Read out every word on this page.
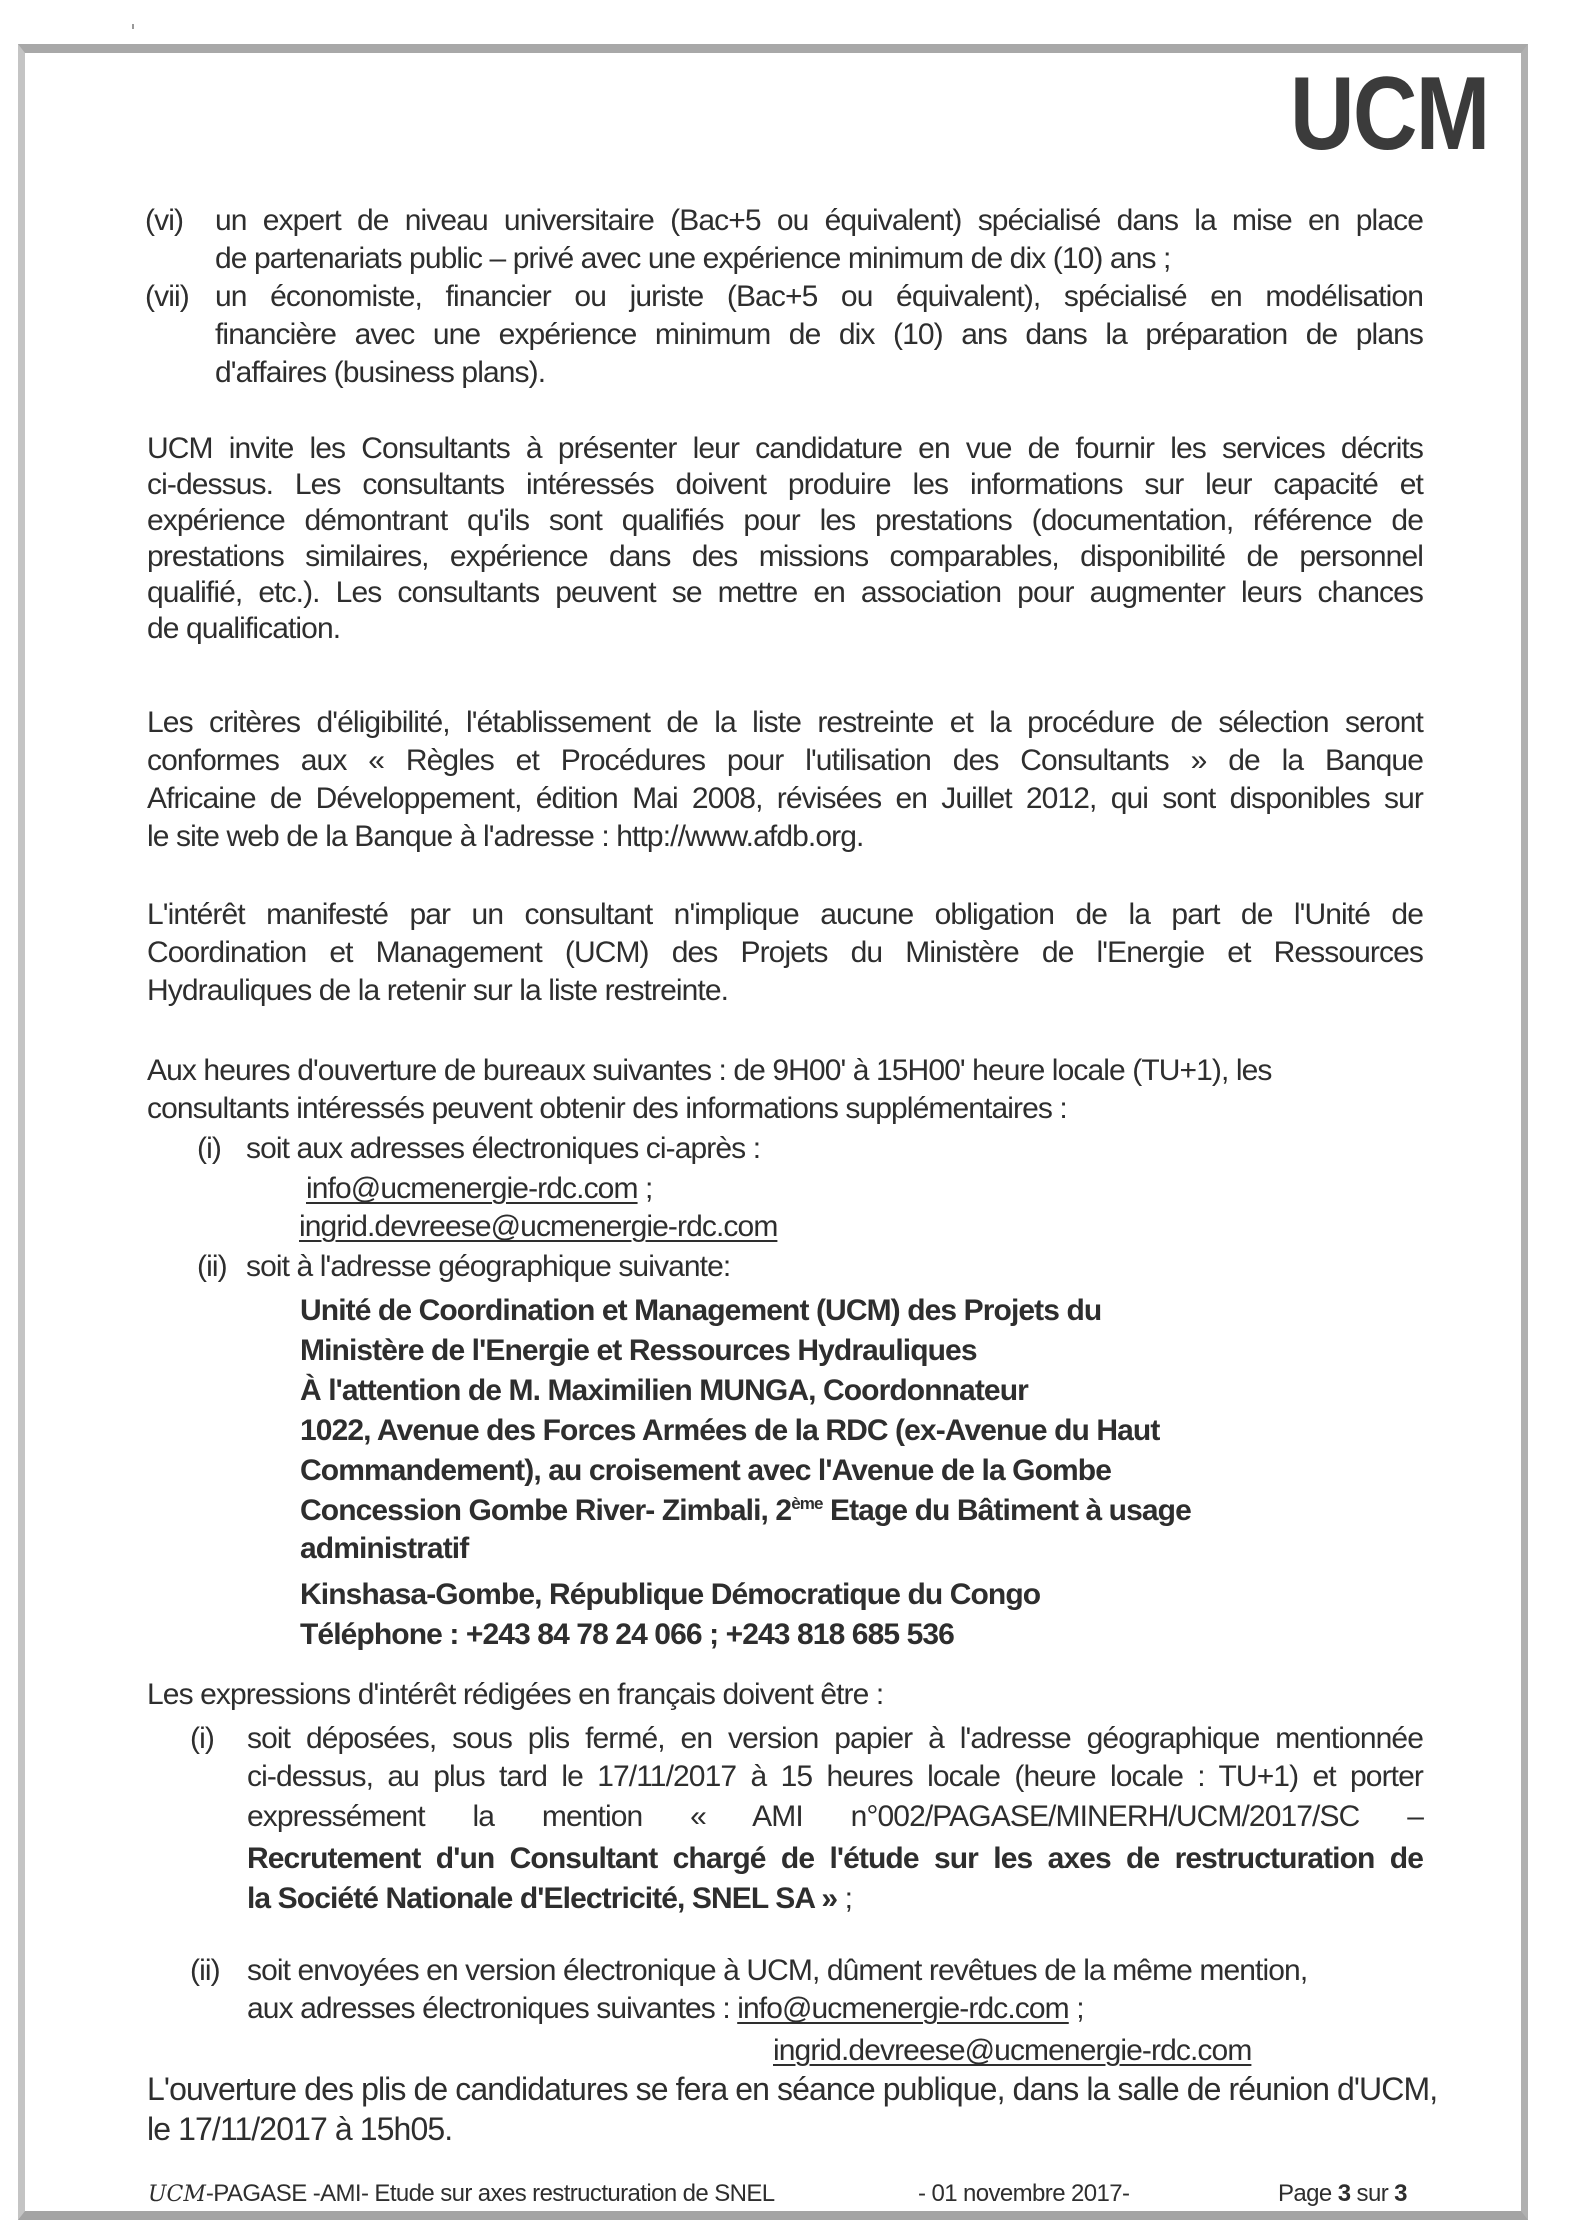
UCM
(vi) un expert de niveau universitaire (Bac+5 ou équivalent) spécialisé dans la mise en place
de partenariats public – privé avec une expérience minimum de dix (10) ans ;
(vii) un économiste, financier ou juriste (Bac+5 ou équivalent), spécialisé en modélisation
financière avec une expérience minimum de dix (10) ans dans la préparation de plans
d'affaires (business plans).
UCM invite les Consultants à présenter leur candidature en vue de fournir les services décrits
ci-dessus. Les consultants intéressés doivent produire les informations sur leur capacité et
expérience démontrant qu'ils sont qualifiés pour les prestations (documentation, référence de
prestations similaires, expérience dans des missions comparables, disponibilité de personnel
qualifié, etc.). Les consultants peuvent se mettre en association pour augmenter leurs chances
de qualification.
Les critères d'éligibilité, l'établissement de la liste restreinte et la procédure de sélection seront
conformes aux « Règles et Procédures pour l'utilisation des Consultants » de la Banque
Africaine de Développement, édition Mai 2008, révisées en Juillet 2012, qui sont disponibles sur
le site web de la Banque à l'adresse : http://www.afdb.org.
L'intérêt manifesté par un consultant n'implique aucune obligation de la part de l'Unité de
Coordination et Management (UCM) des Projets du Ministère de l'Energie et Ressources
Hydrauliques de la retenir sur la liste restreinte.
Aux heures d'ouverture de bureaux suivantes : de 9H00' à 15H00' heure locale (TU+1), les
consultants intéressés peuvent obtenir des informations supplémentaires :
(i) soit aux adresses électroniques ci-après :
info@ucmenergie-rdc.com ;
ingrid.devreese@ucmenergie-rdc.com
(ii) soit à l'adresse géographique suivante:
Unité de Coordination et Management (UCM) des Projets du
Ministère de l'Energie et Ressources Hydrauliques
À l'attention de M. Maximilien MUNGA, Coordonnateur
1022, Avenue des Forces Armées de la RDC (ex-Avenue du Haut
Commandement), au croisement avec l'Avenue de la Gombe
Concession Gombe River- Zimbali, 2ème Etage du Bâtiment à usage
administratif
Kinshasa-Gombe, République Démocratique du Congo
Téléphone : +243 84 78 24 066 ; +243 818 685 536
Les expressions d'intérêt rédigées en français doivent être :
(i) soit déposées, sous plis fermé, en version papier à l'adresse géographique mentionnée
ci-dessus, au plus tard le 17/11/2017 à 15 heures locale (heure locale : TU+1) et porter
expressément la mention « AMI n°002/PAGASE/MINERH/UCM/2017/SC –
Recrutement d'un Consultant chargé de l'étude sur les axes de restructuration de
la Société Nationale d'Electricité, SNEL SA » ;
(ii) soit envoyées en version électronique à UCM, dûment revêtues de la même mention,
aux adresses électroniques suivantes : info@ucmenergie-rdc.com ;
ingrid.devreese@ucmenergie-rdc.com
L'ouverture des plis de candidatures se fera en séance publique, dans la salle de réunion d'UCM,
le 17/11/2017 à 15h05.
UCM-PAGASE -AMI- Etude sur axes restructuration de SNEL	- 01 novembre 2017-	Page 3 sur 3
